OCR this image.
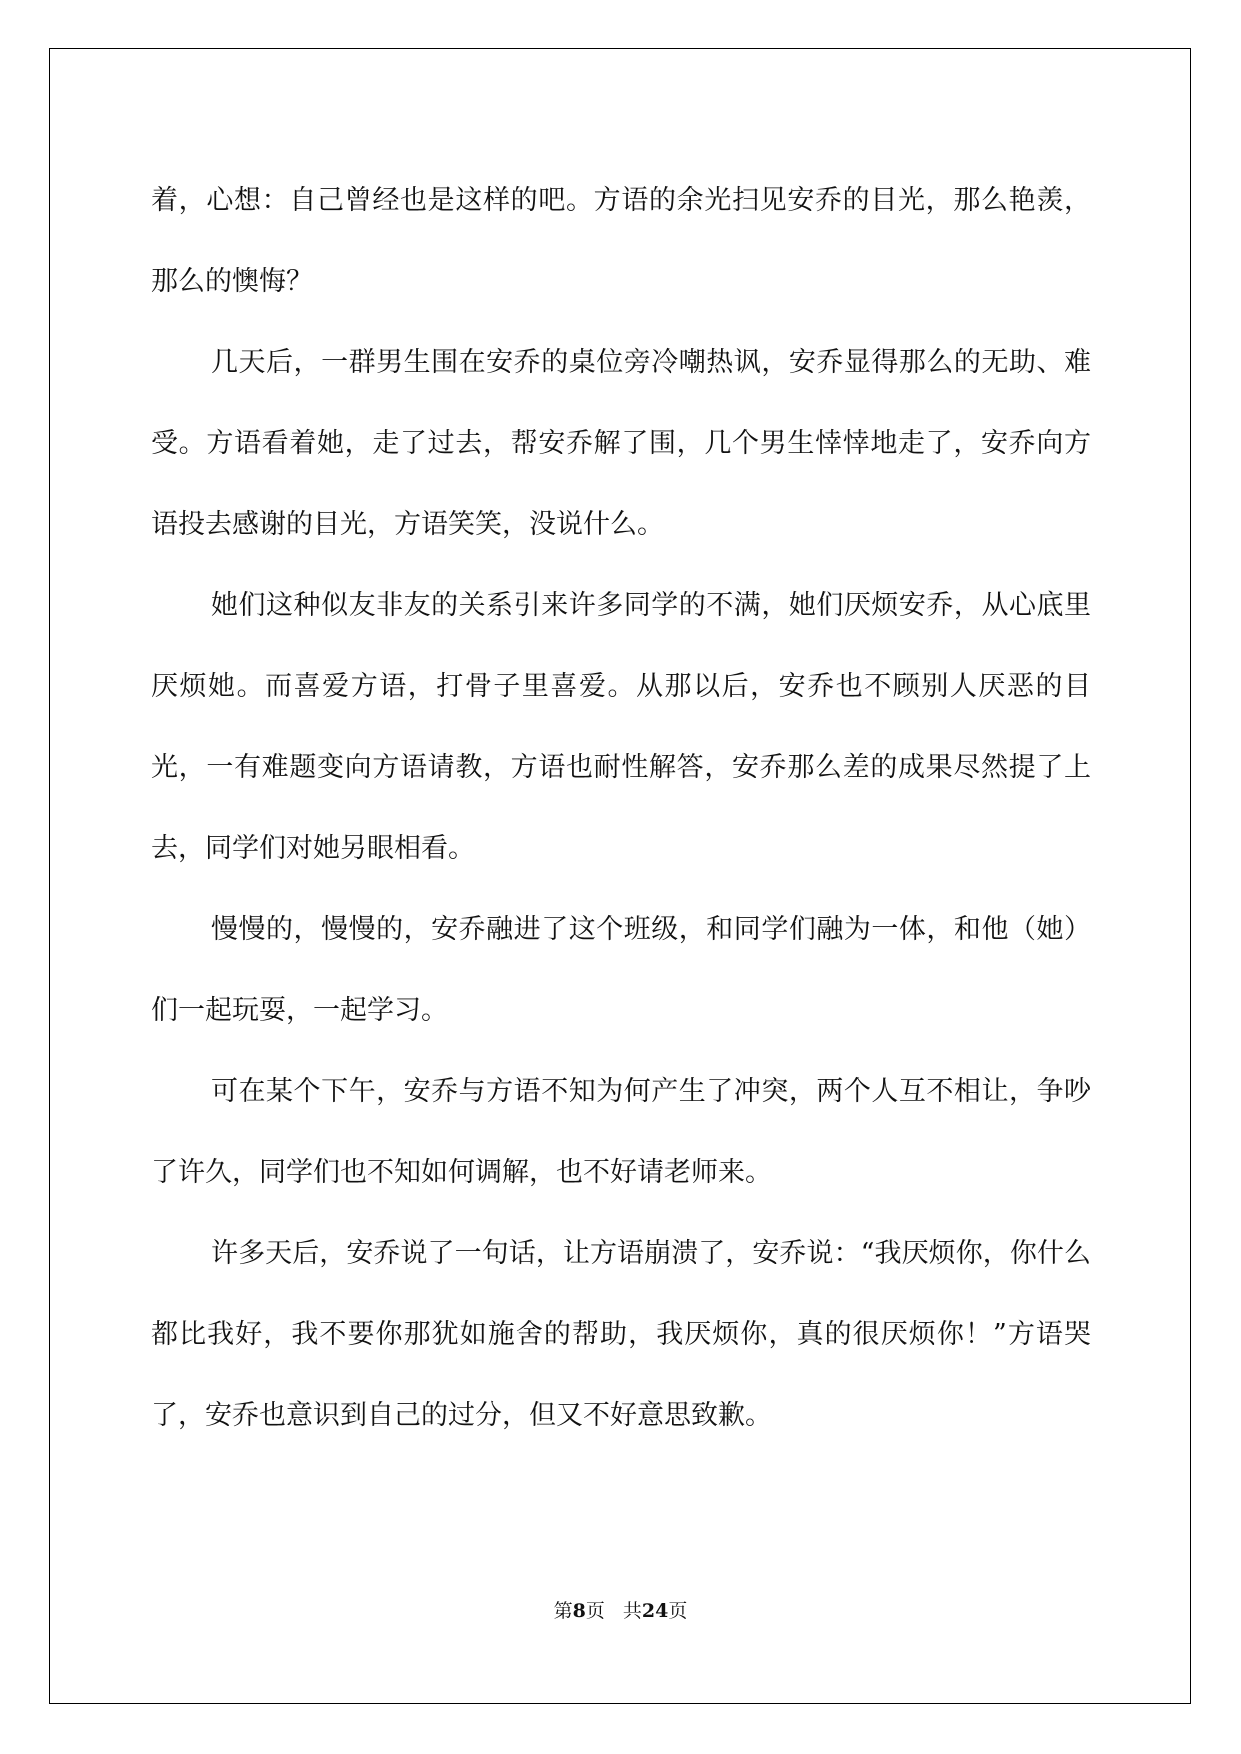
着，心想：自己曾经也是这样的吧。方语的余光扫见安乔的目光，那么艳羡，那么的懊悔？

几天后，一群男生围在安乔的桌位旁冷嘲热讽，安乔显得那么的无助、难受。方语看着她，走了过去，帮安乔解了围，几个男生悻悻地走了，安乔向方语投去感谢的目光，方语笑笑，没说什么。

她们这种似友非友的关系引来许多同学的不满，她们厌烦安乔，从心底里厌烦她。而喜爱方语，打骨子里喜爱。从那以后，安乔也不顾别人厌恶的目光，一有难题变向方语请教，方语也耐性解答，安乔那么差的成果尽然提了上去，同学们对她另眼相看。

慢慢的，慢慢的，安乔融进了这个班级，和同学们融为一体，和他（她）们一起玩耍，一起学习。

可在某个下午，安乔与方语不知为何产生了冲突，两个人互不相让，争吵了许久，同学们也不知如何调解，也不好请老师来。

许多天后，安乔说了一句话，让方语崩溃了，安乔说：“我厌烦你，你什么都比我好，我不要你那犹如施舍的帮助，我厌烦你，真的很厌烦你！”方语哭了，安乔也意识到自己的过分，但又不好意思致歉。

第8页 共24页
